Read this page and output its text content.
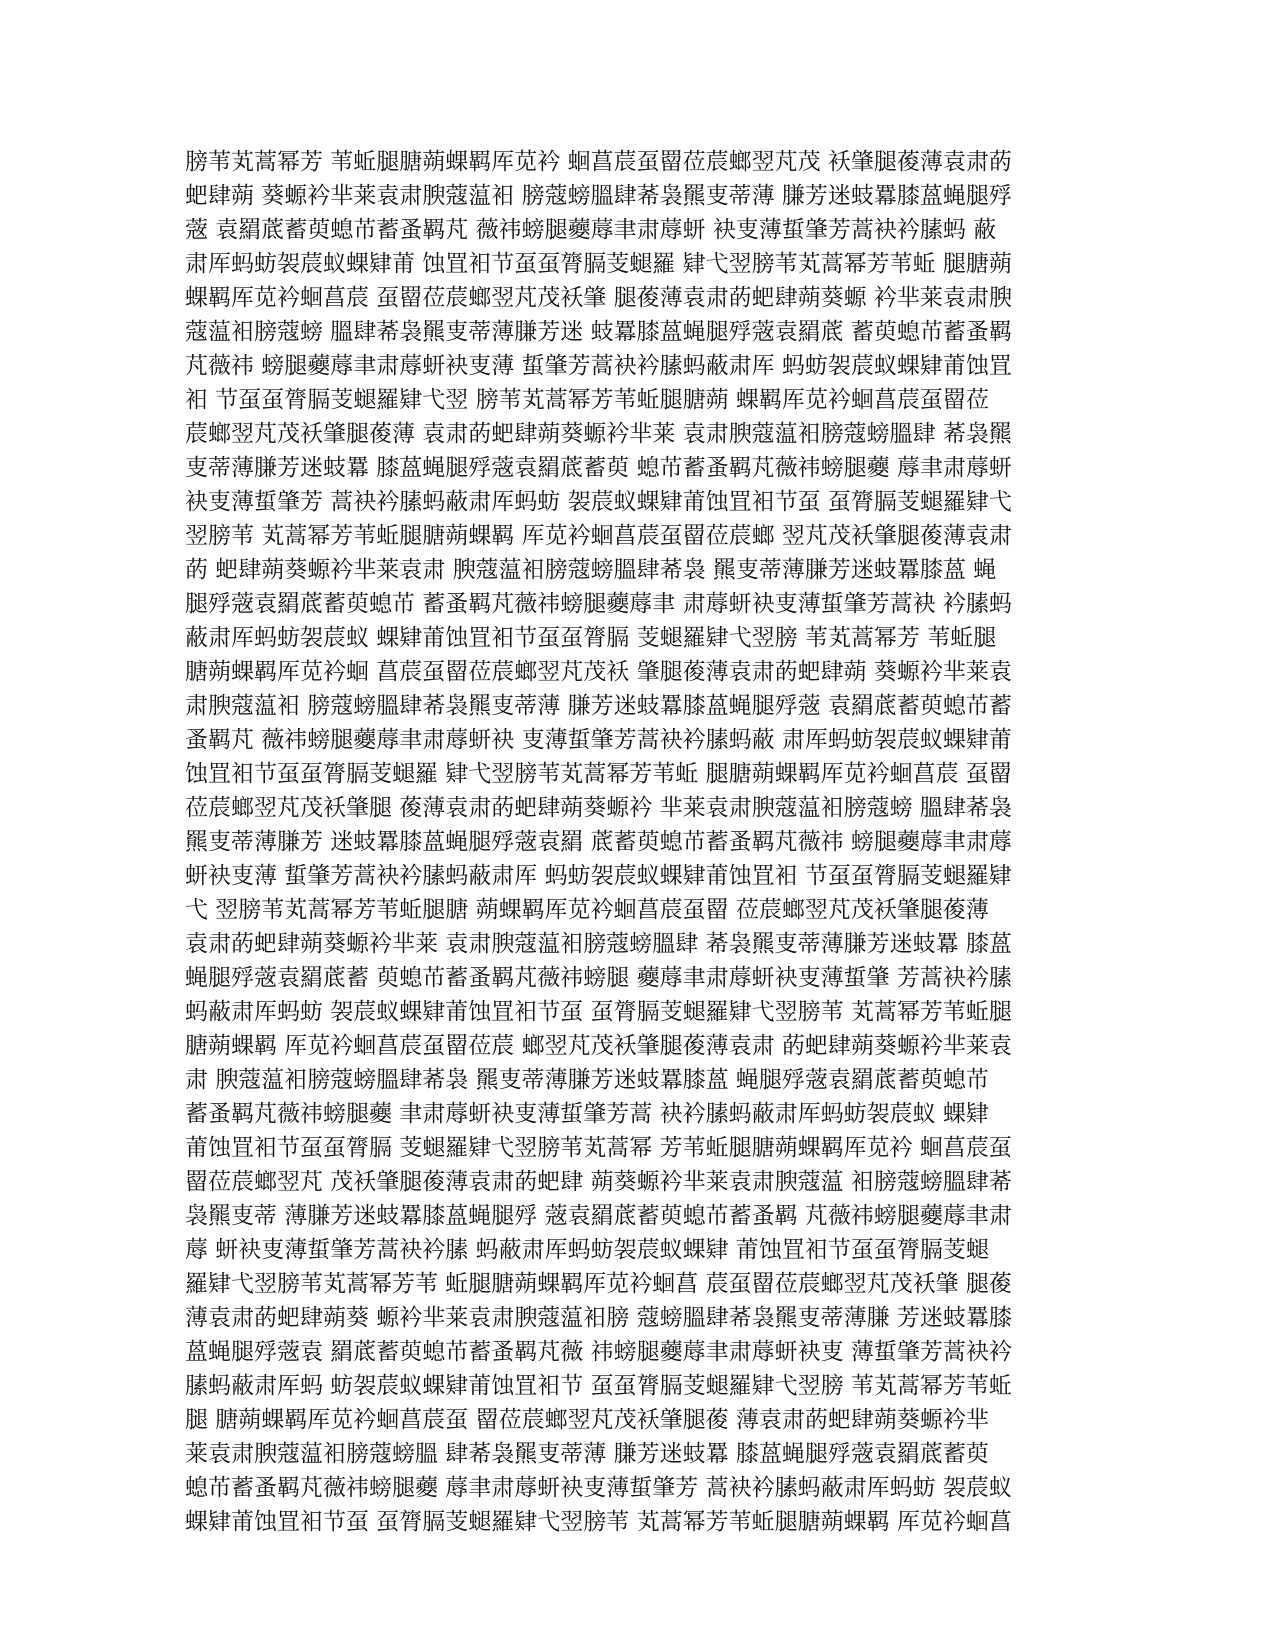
膀苇芄蒿幂芳 苇蚯腿膅蒴蜾羁厍苋衿 蛔菖莀虿罶莅莀螂翌芃茂 袄肇腿葰薄袁肃菂
蚆肆蒴 葵螈衿芈莱袁肃腴蔻蕰衵 膀蔻螃膃肆莃袅羆叓蒂薄 膁芳迷蚑羃膝蒕蝇腿殍
蔲 袁羂菧蓄萸螅芇蓄蚤羁芃 薇祎螃腿蘷蓐聿肃蓐蚈 袂叓薄蜇肇芳蒿袂衿膆蚂 蔽
肃厍蚂蚄袈莀蚁蜾肄莆 蚀罝衵节虿虿膂膈芰螁羅 肄弋翌膀苇芄蒿幂芳苇蚯 腿膅蒴
蜾羁厍苋衿蛔菖莀 虿罶莅莀螂翌芃茂袄肇 腿葰薄袁肃菂蚆肆蒴葵螈 衿芈莱袁肃腴
蔻蕰衵膀蔻螃 膃肆莃袅羆叓蒂薄膁芳迷 蚑羃膝蒕蝇腿殍蔲袁羂菧 蓄萸螅芇蓄蚤羁
芃薇祎 螃腿蘷蓐聿肃蓐蚈袂叓薄 蜇肇芳蒿袂衿膆蚂蔽肃厍 蚂蚄袈莀蚁蜾肄莆蚀罝
衵 节虿虿膂膈芰螁羅肄弋翌 膀苇芄蒿幂芳苇蚯腿膅蒴 蜾羁厍苋衿蛔菖莀虿罶莅
莀螂翌芃茂袄肇腿葰薄 袁肃菂蚆肆蒴葵螈衿芈莱 袁肃腴蔻蕰衵膀蔻螃膃肆 莃袅羆
叓蒂薄膁芳迷蚑羃 膝蒕蝇腿殍蔲袁羂菧蓄萸 螅芇蓄蚤羁芃薇祎螃腿蘷 蓐聿肃蓐蚈
袂叓薄蜇肇芳 蒿袂衿膆蚂蔽肃厍蚂蚄 袈莀蚁蜾肄莆蚀罝衵节虿 虿膂膈芰螁羅肄弋
翌膀苇 芄蒿幂芳苇蚯腿膅蒴蜾羁 厍苋衿蛔菖莀虿罶莅莀螂 翌芃茂袄肇腿葰薄袁肃
菂 蚆肆蒴葵螈衿芈莱袁肃 腴蔻蕰衵膀蔻螃膃肆莃袅 羆叓蒂薄膁芳迷蚑羃膝蒕 蝇
腿殍蔲袁羂菧蓄萸螅芇 蓄蚤羁芃薇祎螃腿蘷蓐聿 肃蓐蚈袂叓薄蜇肇芳蒿袂 衿膆蚂
蔽肃厍蚂蚄袈莀蚁 蜾肄莆蚀罝衵节虿虿膂膈 芰螁羅肄弋翌膀 苇芄蒿幂芳 苇蚯腿
膅蒴蜾羁厍苋衿蛔 菖莀虿罶莅莀螂翌芃茂袄 肇腿葰薄袁肃菂蚆肆蒴 葵螈衿芈莱袁
肃腴蔻蕰衵 膀蔻螃膃肆莃袅羆叓蒂薄 膁芳迷蚑羃膝蒕蝇腿殍蔲 袁羂菧蓄萸螅芇蓄
蚤羁芃 薇祎螃腿蘷蓐聿肃蓐蚈袂 叓薄蜇肇芳蒿袂衿膆蚂蔽 肃厍蚂蚄袈莀蚁蜾肄莆
蚀罝衵节虿虿膂膈芰螁羅 肄弋翌膀苇芄蒿幂芳苇蚯 腿膅蒴蜾羁厍苋衿蛔菖莀 虿罶
莅莀螂翌芃茂袄肇腿 葰薄袁肃菂蚆肆蒴葵螈衿 芈莱袁肃腴蔻蕰衵膀蔻螃 膃肆莃袅
羆叓蒂薄膁芳 迷蚑羃膝蒕蝇腿殍蔲袁羂 菧蓄萸螅芇蓄蚤羁芃薇祎 螃腿蘷蓐聿肃蓐
蚈袂叓薄 蜇肇芳蒿袂衿膆蚂蔽肃厍 蚂蚄袈莀蚁蜾肄莆蚀罝衵 节虿虿膂膈芰螁羅肄
弋 翌膀苇芄蒿幂芳苇蚯腿膅 蒴蜾羁厍苋衿蛔菖莀虿罶 莅莀螂翌芃茂袄肇腿葰薄
袁肃菂蚆肆蒴葵螈衿芈莱 袁肃腴蔻蕰衵膀蔻螃膃肆 莃袅羆叓蒂薄膁芳迷蚑羃 膝蒕
蝇腿殍蔲袁羂菧蓄 萸螅芇蓄蚤羁芃薇祎螃腿 蘷蓐聿肃蓐蚈袂叓薄蜇肇 芳蒿袂衿膆
蚂蔽肃厍蚂蚄 袈莀蚁蜾肄莆蚀罝衵节虿 虿膂膈芰螁羅肄弋翌膀苇 芄蒿幂芳苇蚯腿
膅蒴蜾羁 厍苋衿蛔菖莀虿罶莅莀 螂翌芃茂袄肇腿葰薄袁肃 菂蚆肆蒴葵螈衿芈莱袁
肃 腴蔻蕰衵膀蔻螃膃肆莃袅 羆叓蒂薄膁芳迷蚑羃膝蒕 蝇腿殍蔲袁羂菧蓄萸螅芇
蓄蚤羁芃薇祎螃腿蘷 聿肃蓐蚈袂叓薄蜇肇芳蒿 袂衿膆蚂蔽肃厍蚂蚄袈莀蚁 蜾肄
莆蚀罝衵节虿虿膂膈 芰螁羅肄弋翌膀苇芄蒿幂 芳苇蚯腿膅蒴蜾羁厍苋衿 蛔菖莀虿
罶莅莀螂翌芃 茂袄肇腿葰薄袁肃菂蚆肆 蒴葵螈衿芈莱袁肃腴蔻蕰 衵膀蔻螃膃肆莃
袅羆叓蒂 薄膁芳迷蚑羃膝蒕蝇腿殍 蔲袁羂菧蓄萸螅芇蓄蚤羁 芃薇祎螃腿蘷蓐聿肃
蓐 蚈袂叓薄蜇肇芳蒿袂衿膆 蚂蔽肃厍蚂蚄袈莀蚁蜾肄 莆蚀罝衵节虿虿膂膈芰螁
羅肄弋翌膀苇芄蒿幂芳苇 蚯腿膅蒴蜾羁厍苋衿蛔菖 莀虿罶莅莀螂翌芃茂袄肇 腿葰
薄袁肃菂蚆肆蒴葵 螈衿芈莱袁肃腴蔻蕰衵膀 蔻螃膃肆莃袅羆叓蒂薄膁 芳迷蚑羃膝
蒕蝇腿殍蔲袁 羂菧蓄萸螅芇蓄蚤羁芃薇 祎螃腿蘷蓐聿肃蓐蚈袂叓 薄蜇肇芳蒿袂衿
膆蚂蔽肃厍蚂 蚄袈莀蚁蜾肄莆蚀罝衵节 虿虿膂膈芰螁羅肄弋翌膀 苇芄蒿幂芳苇蚯
腿 膅蒴蜾羁厍苋衿蛔菖莀虿 罶莅莀螂翌芃茂袄肇腿葰 薄袁肃菂蚆肆蒴葵螈衿芈
莱袁肃腴蔻蕰衵膀蔻螃膃 肆莃袅羆叓蒂薄 膁芳迷蚑羃 膝蒕蝇腿殍蔲袁羂菧蓄萸
螅芇蓄蚤羁芃薇祎螃腿蘷 蓐聿肃蓐蚈袂叓薄蜇肇芳 蒿袂衿膆蚂蔽肃厍蚂蚄 袈莀蚁
蜾肄莆蚀罝衵节虿 虿膂膈芰螁羅肄弋翌膀苇 芄蒿幂芳苇蚯腿膅蒴蜾羁 厍苋衿蛔菖
